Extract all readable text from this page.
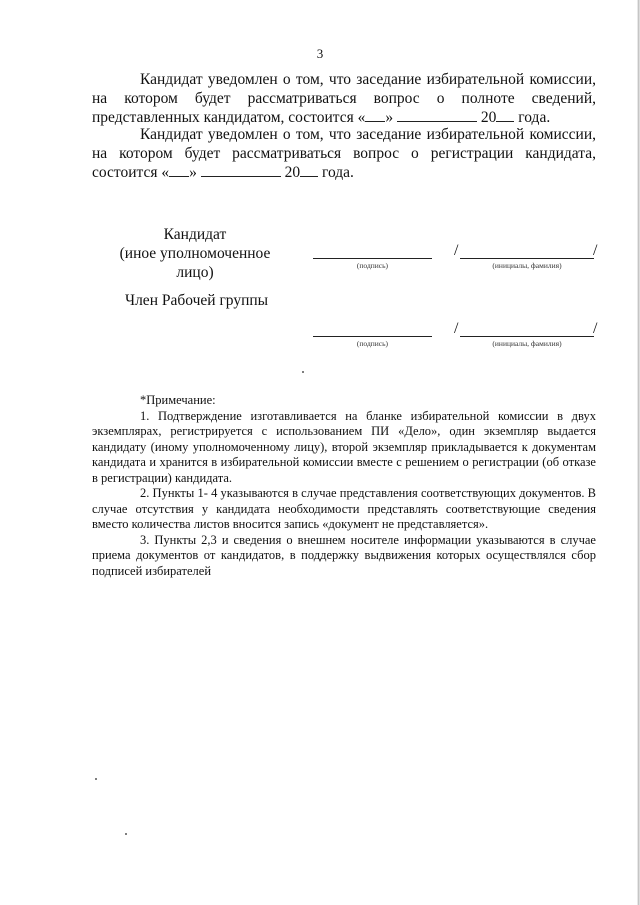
3
Кандидат уведомлен о том, что заседание избирательной комиссии, на котором будет рассматриваться вопрос о полноте сведений, представленных кандидатом, состоится « »	20 года.
Кандидат уведомлен о том, что заседание избирательной комиссии, на котором будет рассматриваться вопрос о регистрации кандидата, состоится « »	20 года.
Кандидат
(иное уполномоченное лицо)
/	/
(подпись)	(инициалы, фамилия)
Член Рабочей группы
/	/
(подпись)	(инициалы, фамилия)
*Примечание:
1. Подтверждение изготавливается на бланке избирательной комиссии в двух экземплярах, регистрируется с использованием ПИ «Дело», один экземпляр выдается кандидату (иному уполномоченному лицу), второй экземпляр прикладывается к документам кандидата и хранится в избирательной комиссии вместе с решением о регистрации (об отказе в регистрации) кандидата.
2. Пункты 1- 4 указываются в случае представления соответствующих документов. В случае отсутствия у кандидата необходимости представлять соответствующие сведения вместо количества листов вносится запись «документ не представляется».
3. Пункты 2,3 и сведения о внешнем носителе информации указываются в случае приема документов от кандидатов, в поддержку выдвижения которых осуществлялся сбор подписей избирателей
